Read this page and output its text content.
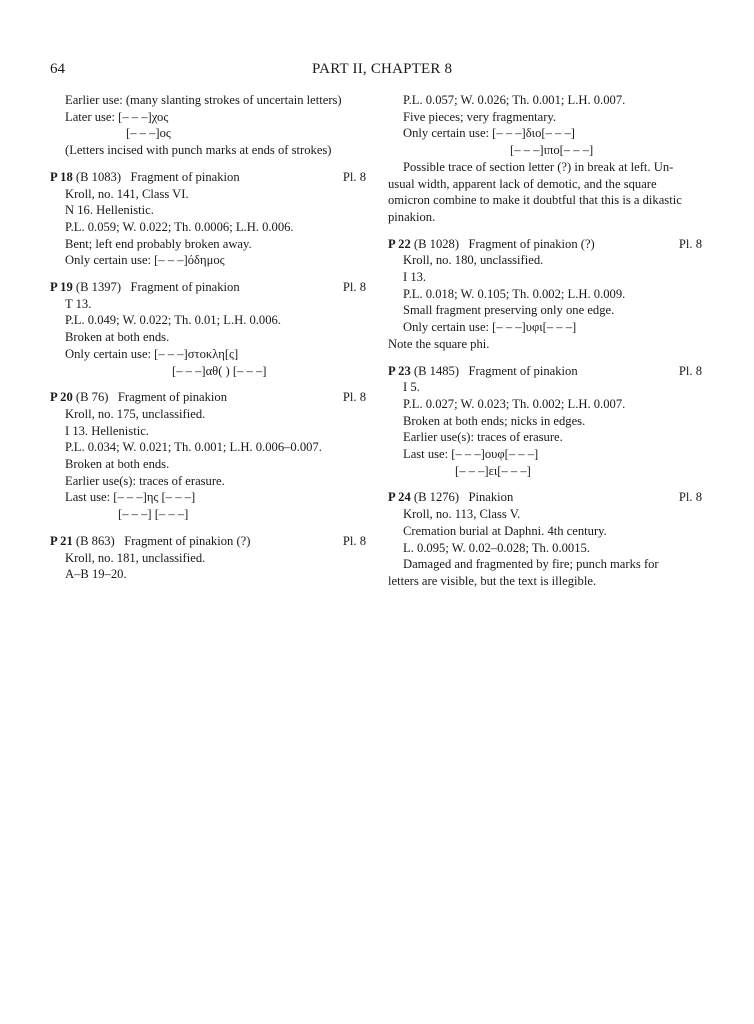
64	PART II, CHAPTER 8
Earlier use: (many slanting strokes of uncertain letters)
Later use: [– – –]χος
[– – –]ος
(Letters incised with punch marks at ends of strokes)
P 18 (B 1083) Fragment of pinakion	Pl. 8
Kroll, no. 141, Class VI.
N 16. Hellenistic.
P.L. 0.059; W. 0.022; Th. 0.0006; L.H. 0.006.
Bent; left end probably broken away.
Only certain use: [– – –]όδημος
P 19 (B 1397) Fragment of pinakion	Pl. 8
T 13.
P.L. 0.049; W. 0.022; Th. 0.01; L.H. 0.006.
Broken at both ends.
Only certain use: [– – –]στοκλη[ς]
[– – –]αθ( ) [– – –]
P 20 (B 76) Fragment of pinakion	Pl. 8
Kroll, no. 175, unclassified.
I 13. Hellenistic.
P.L. 0.034; W. 0.021; Th. 0.001; L.H. 0.006–0.007.
Broken at both ends.
Earlier use(s): traces of erasure.
Last use: [– – –]ης [– – –]
[– – –] [– – –]
P 21 (B 863) Fragment of pinakion (?)	Pl. 8
Kroll, no. 181, unclassified.
A–B 19–20.
P.L. 0.057; W. 0.026; Th. 0.001; L.H. 0.007.
Five pieces; very fragmentary.
Only certain use: [– – –]διο[– – –]
[– – –]ιπο[– – –]
Possible trace of section letter (?) in break at left. Un-
usual width, apparent lack of demotic, and the square
omicron combine to make it doubtful that this is a dikastic
pinakion.
P 22 (B 1028) Fragment of pinakion (?)	Pl. 8
Kroll, no. 180, unclassified.
I 13.
P.L. 0.018; W. 0.105; Th. 0.002; L.H. 0.009.
Small fragment preserving only one edge.
Only certain use: [– – –]υφι[– – –]
Note the square phi.
P 23 (B 1485) Fragment of pinakion	Pl. 8
I 5.
P.L. 0.027; W. 0.023; Th. 0.002; L.H. 0.007.
Broken at both ends; nicks in edges.
Earlier use(s): traces of erasure.
Last use: [– – –]ουφ[– – –]
[– – –]ει[– – –]
P 24 (B 1276) Pinakion	Pl. 8
Kroll, no. 113, Class V.
Cremation burial at Daphni. 4th century.
L. 0.095; W. 0.02–0.028; Th. 0.0015.
Damaged and fragmented by fire; punch marks for
letters are visible, but the text is illegible.
